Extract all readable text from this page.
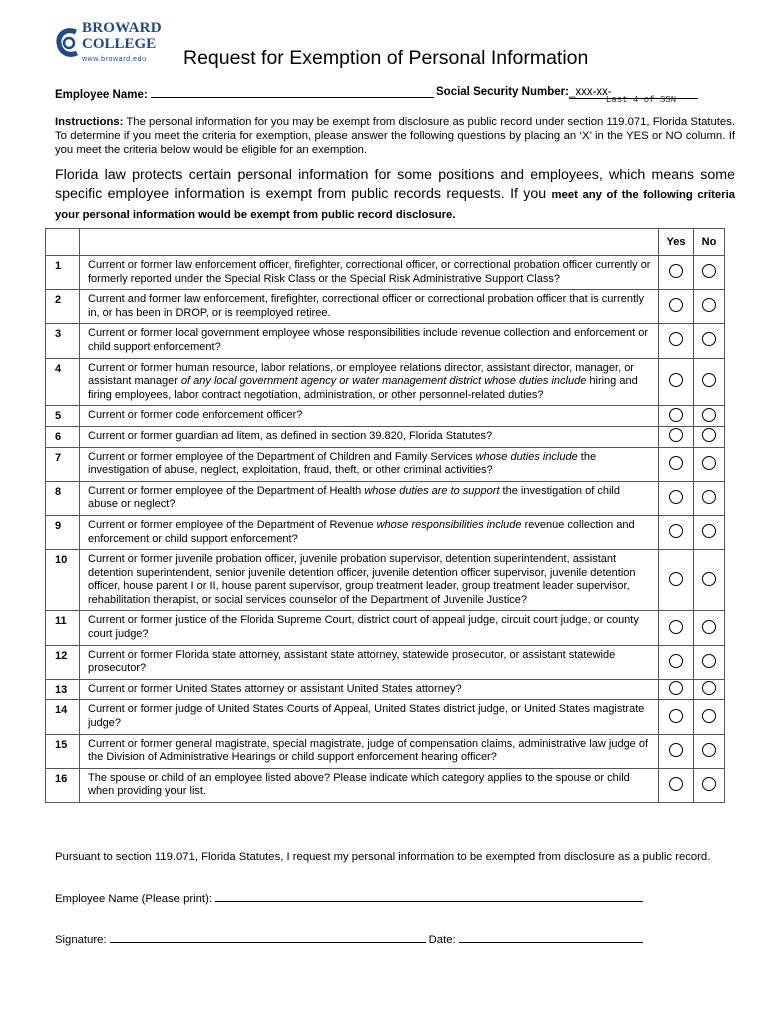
BROWARD
COLLEGE
www.broward.edu Request for Exemption of Personal Information
Employee Name:	Social Security Number:_xxx-xx-
Last 4 of SSN
Instructions: The personal information for you may be exempt from disclosure as public record under section 119.071, Florida Statutes. To determine if you meet the criteria for exemption, please answer the following questions by placing an ‘X’ in the YES or NO column. If you meet the criteria below would be eligible for an exemption.
Florida law protects certain personal information for some positions and employees, which means some specific employee information is exempt from public records requests. If you meet any of the following criteria your personal information would be exempt from public record disclosure.
		Yes	No
1	Current or former law enforcement officer, firefighter, correctional officer, or correctional probation officer currently or formerly reported under the Special Risk Class or the Special Risk Administrative Support Class?		
2	Current and former law enforcement, firefighter, correctional officer or correctional probation officer that is currently in, or has been in DROP, or is reemployed retiree.		
3	Current or former local government employee whose responsibilities include revenue collection and enforcement or child support enforcement?		
4	Current or former human resource, labor relations, or employee relations director, assistant director, manager, or assistant manager of any local government agency or water management district whose duties include hiring and firing employees, labor contract negotiation, administration, or other personnel-related duties?		
5	Current or former code enforcement officer?		
6	Current or former guardian ad litem, as defined in section 39.820, Florida Statutes?		
7	Current or former employee of the Department of Children and Family Services whose duties include the investigation of abuse, neglect, exploitation, fraud, theft, or other criminal activities?		
8	Current or former employee of the Department of Health whose duties are to support the investigation of child abuse or neglect?		
9	Current or former employee of the Department of Revenue whose responsibilities include revenue collection and enforcement or child support enforcement?		
10	Current or former juvenile probation officer, juvenile probation supervisor, detention superintendent, assistant detention superintendent, senior juvenile detention officer, juvenile detention officer supervisor, juvenile detention officer, house parent I or II, house parent supervisor, group treatment leader, group treatment leader supervisor, rehabilitation therapist, or social services counselor of the Department of Juvenile Justice?		
11	Current or former justice of the Florida Supreme Court, district court of appeal judge, circuit court judge, or county court judge?		
12	Current or former Florida state attorney, assistant state attorney, statewide prosecutor, or assistant statewide prosecutor?		
13	Current or former United States attorney or assistant United States attorney?		
14	Current or former judge of United States Courts of Appeal, United States district judge, or United States magistrate judge?		
15	Current or former general magistrate, special magistrate, judge of compensation claims, administrative law judge of the Division of Administrative Hearings or child support enforcement hearing officer?		
16	The spouse or child of an employee listed above? Please indicate which category applies to the spouse or child when providing your list.		
Pursuant to section 119.071, Florida Statutes, I request my personal information to be exempted from disclosure as a public record.
Employee Name (Please print):
Signature:	Date:
